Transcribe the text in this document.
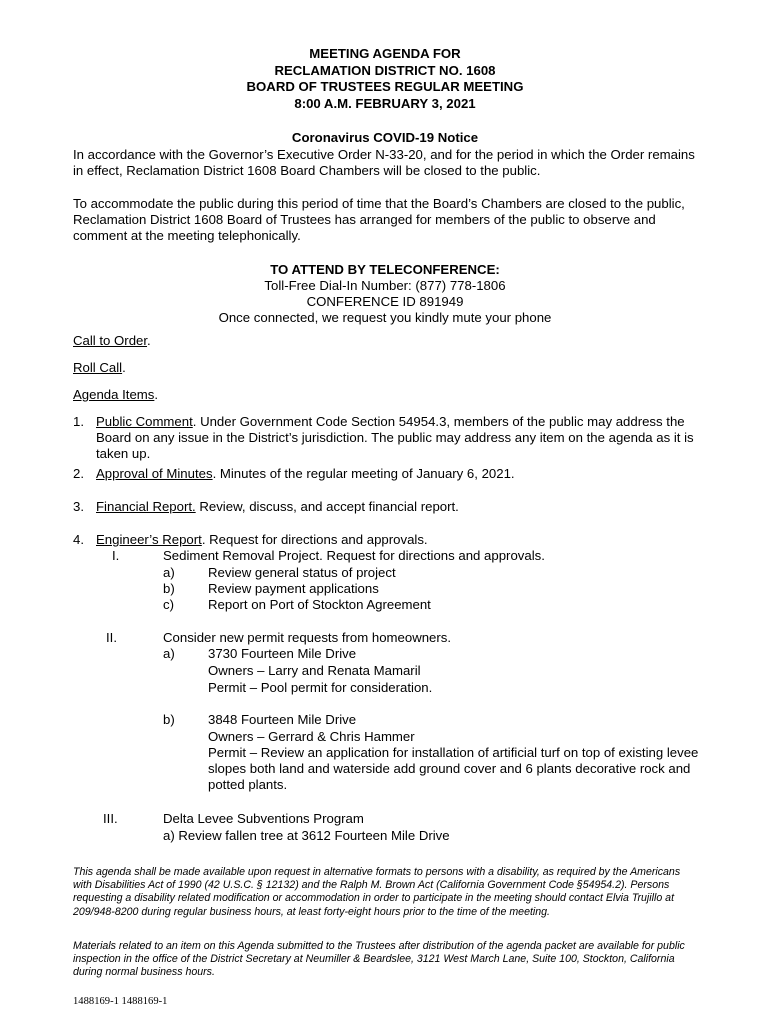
MEETING AGENDA FOR
RECLAMATION DISTRICT NO. 1608
BOARD OF TRUSTEES REGULAR MEETING
8:00 A.M. FEBRUARY 3, 2021
Coronavirus COVID-19 Notice
In accordance with the Governor’s Executive Order N-33-20, and for the period in which the Order remains in effect, Reclamation District 1608 Board Chambers will be closed to the public.
To accommodate the public during this period of time that the Board’s Chambers are closed to the public, Reclamation District 1608 Board of Trustees has arranged for members of the public to observe and comment at the meeting telephonically.
TO ATTEND BY TELECONFERENCE:
Toll-Free Dial-In Number: (877) 778-1806
CONFERENCE ID 891949
Once connected, we request you kindly mute your phone
Call to Order.
Roll Call.
Agenda Items.
1. Public Comment. Under Government Code Section 54954.3, members of the public may address the Board on any issue in the District’s jurisdiction. The public may address any item on the agenda as it is taken up.
2. Approval of Minutes. Minutes of the regular meeting of January 6, 2021.
3. Financial Report. Review, discuss, and accept financial report.
4. Engineer’s Report. Request for directions and approvals.
I.	Sediment Removal Project. Request for directions and approvals.
a)	Review general status of project
b)	Review payment applications
c)	Report on Port of Stockton Agreement
II.	Consider new permit requests from homeowners.
a)	3730 Fourteen Mile Drive
Owners – Larry and Renata Mamaril
Permit – Pool permit for consideration.
b)	3848 Fourteen Mile Drive
Owners – Gerrard & Chris Hammer
Permit – Review an application for installation of artificial turf on top of existing levee slopes both land and waterside add ground cover and 6 plants decorative rock and potted plants.
III.	Delta Levee Subventions Program
a) Review fallen tree at 3612 Fourteen Mile Drive
This agenda shall be made available upon request in alternative formats to persons with a disability, as required by the Americans with Disabilities Act of 1990 (42 U.S.C. § 12132) and the Ralph M. Brown Act (California Government Code §54954.2). Persons requesting a disability related modification or accommodation in order to participate in the meeting should contact Elvia Trujillo at 209/948-8200 during regular business hours, at least forty-eight hours prior to the time of the meeting.
Materials related to an item on this Agenda submitted to the Trustees after distribution of the agenda packet are available for public inspection in the office of the District Secretary at Neumiller & Beardslee, 3121 West March Lane, Suite 100, Stockton, California during normal business hours.
1488169-1 1488169-1
